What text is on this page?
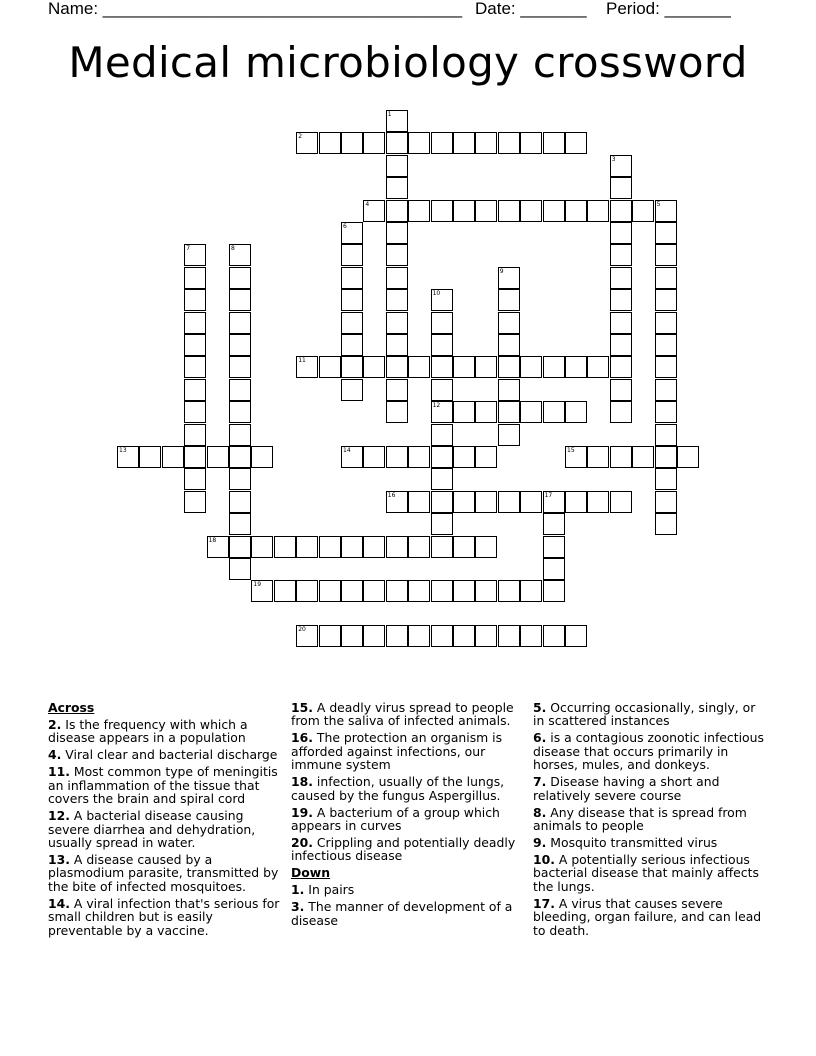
Name: ______________________________________ Date: _______ Period: _______
Medical microbiology crossword
1
2
3
4	5
6
7	8
9
10
12
11
13	14	15
16	17
18
19
20

Across

2. Is the frequency with which a disease appears in a population

4. Viral clear and bacterial discharge

11. Most common type of meningitis an inflammation of the tissue that covers the brain and spiral cord

12. A bacterial disease causing severe diarrhea and dehydration, usually spread in water.

13. A disease caused by a plasmodium parasite, transmitted by the bite of infected mosquitoes.

14. A viral infection that's serious for small children but is easily preventable by a vaccine.

15. A deadly virus spread to people from the saliva of infected animals.

16. The protection an organism is afforded against infections, our immune system

18. infection, usually of the lungs, caused by the fungus Aspergillus.

19. A bacterium of a group which appears in curves

20. Crippling and potentially deadly infectious disease

Down

1. In pairs

3. The manner of development of a disease

5. Occurring occasionally, singly, or in scattered instances

6. is a contagious zoonotic infectious disease that occurs primarily in horses, mules, and donkeys.

7. Disease having a short and relatively severe course

8. Any disease that is spread from animals to people

9. Mosquito transmitted virus

10. A potentially serious infectious bacterial disease that mainly affects the lungs.

17. A virus that causes severe bleeding, organ failure, and can lead to death.
